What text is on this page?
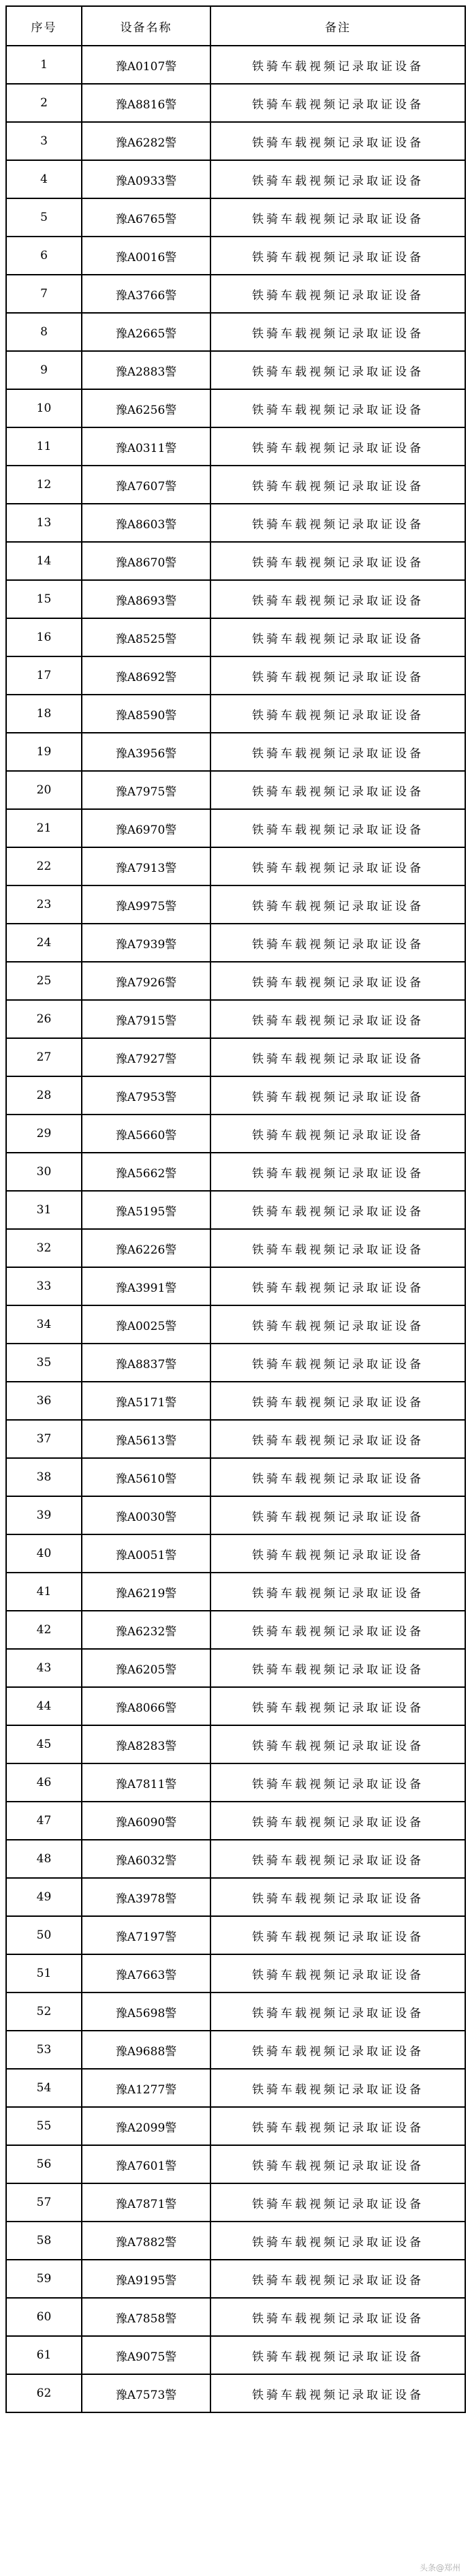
序号	设备名称	备注
1	豫A0107警	铁骑车载视频记录取证设备
2	豫A8816警	铁骑车载视频记录取证设备
3	豫A6282警	铁骑车载视频记录取证设备
4	豫A0933警	铁骑车载视频记录取证设备
5	豫A6765警	铁骑车载视频记录取证设备
6	豫A0016警	铁骑车载视频记录取证设备
7	豫A3766警	铁骑车载视频记录取证设备
8	豫A2665警	铁骑车载视频记录取证设备
9	豫A2883警	铁骑车载视频记录取证设备
10	豫A6256警	铁骑车载视频记录取证设备
11	豫A0311警	铁骑车载视频记录取证设备
12	豫A7607警	铁骑车载视频记录取证设备
13	豫A8603警	铁骑车载视频记录取证设备
14	豫A8670警	铁骑车载视频记录取证设备
15	豫A8693警	铁骑车载视频记录取证设备
16	豫A8525警	铁骑车载视频记录取证设备
17	豫A8692警	铁骑车载视频记录取证设备
18	豫A8590警	铁骑车载视频记录取证设备
19	豫A3956警	铁骑车载视频记录取证设备
20	豫A7975警	铁骑车载视频记录取证设备
21	豫A6970警	铁骑车载视频记录取证设备
22	豫A7913警	铁骑车载视频记录取证设备
23	豫A9975警	铁骑车载视频记录取证设备
24	豫A7939警	铁骑车载视频记录取证设备
25	豫A7926警	铁骑车载视频记录取证设备
26	豫A7915警	铁骑车载视频记录取证设备
27	豫A7927警	铁骑车载视频记录取证设备
28	豫A7953警	铁骑车载视频记录取证设备
29	豫A5660警	铁骑车载视频记录取证设备
30	豫A5662警	铁骑车载视频记录取证设备
31	豫A5195警	铁骑车载视频记录取证设备
32	豫A6226警	铁骑车载视频记录取证设备
33	豫A3991警	铁骑车载视频记录取证设备
34	豫A0025警	铁骑车载视频记录取证设备
35	豫A8837警	铁骑车载视频记录取证设备
36	豫A5171警	铁骑车载视频记录取证设备
37	豫A5613警	铁骑车载视频记录取证设备
38	豫A5610警	铁骑车载视频记录取证设备
39	豫A0030警	铁骑车载视频记录取证设备
40	豫A0051警	铁骑车载视频记录取证设备
41	豫A6219警	铁骑车载视频记录取证设备
42	豫A6232警	铁骑车载视频记录取证设备
43	豫A6205警	铁骑车载视频记录取证设备
44	豫A8066警	铁骑车载视频记录取证设备
45	豫A8283警	铁骑车载视频记录取证设备
46	豫A7811警	铁骑车载视频记录取证设备
47	豫A6090警	铁骑车载视频记录取证设备
48	豫A6032警	铁骑车载视频记录取证设备
49	豫A3978警	铁骑车载视频记录取证设备
50	豫A7197警	铁骑车载视频记录取证设备
51	豫A7663警	铁骑车载视频记录取证设备
52	豫A5698警	铁骑车载视频记录取证设备
53	豫A9688警	铁骑车载视频记录取证设备
54	豫A1277警	铁骑车载视频记录取证设备
55	豫A2099警	铁骑车载视频记录取证设备
56	豫A7601警	铁骑车载视频记录取证设备
57	豫A7871警	铁骑车载视频记录取证设备
58	豫A7882警	铁骑车载视频记录取证设备
59	豫A9195警	铁骑车载视频记录取证设备
60	豫A7858警	铁骑车载视频记录取证设备
61	豫A9075警	铁骑车载视频记录取证设备
62	豫A7573警	铁骑车载视频记录取证设备
头条@郑州
